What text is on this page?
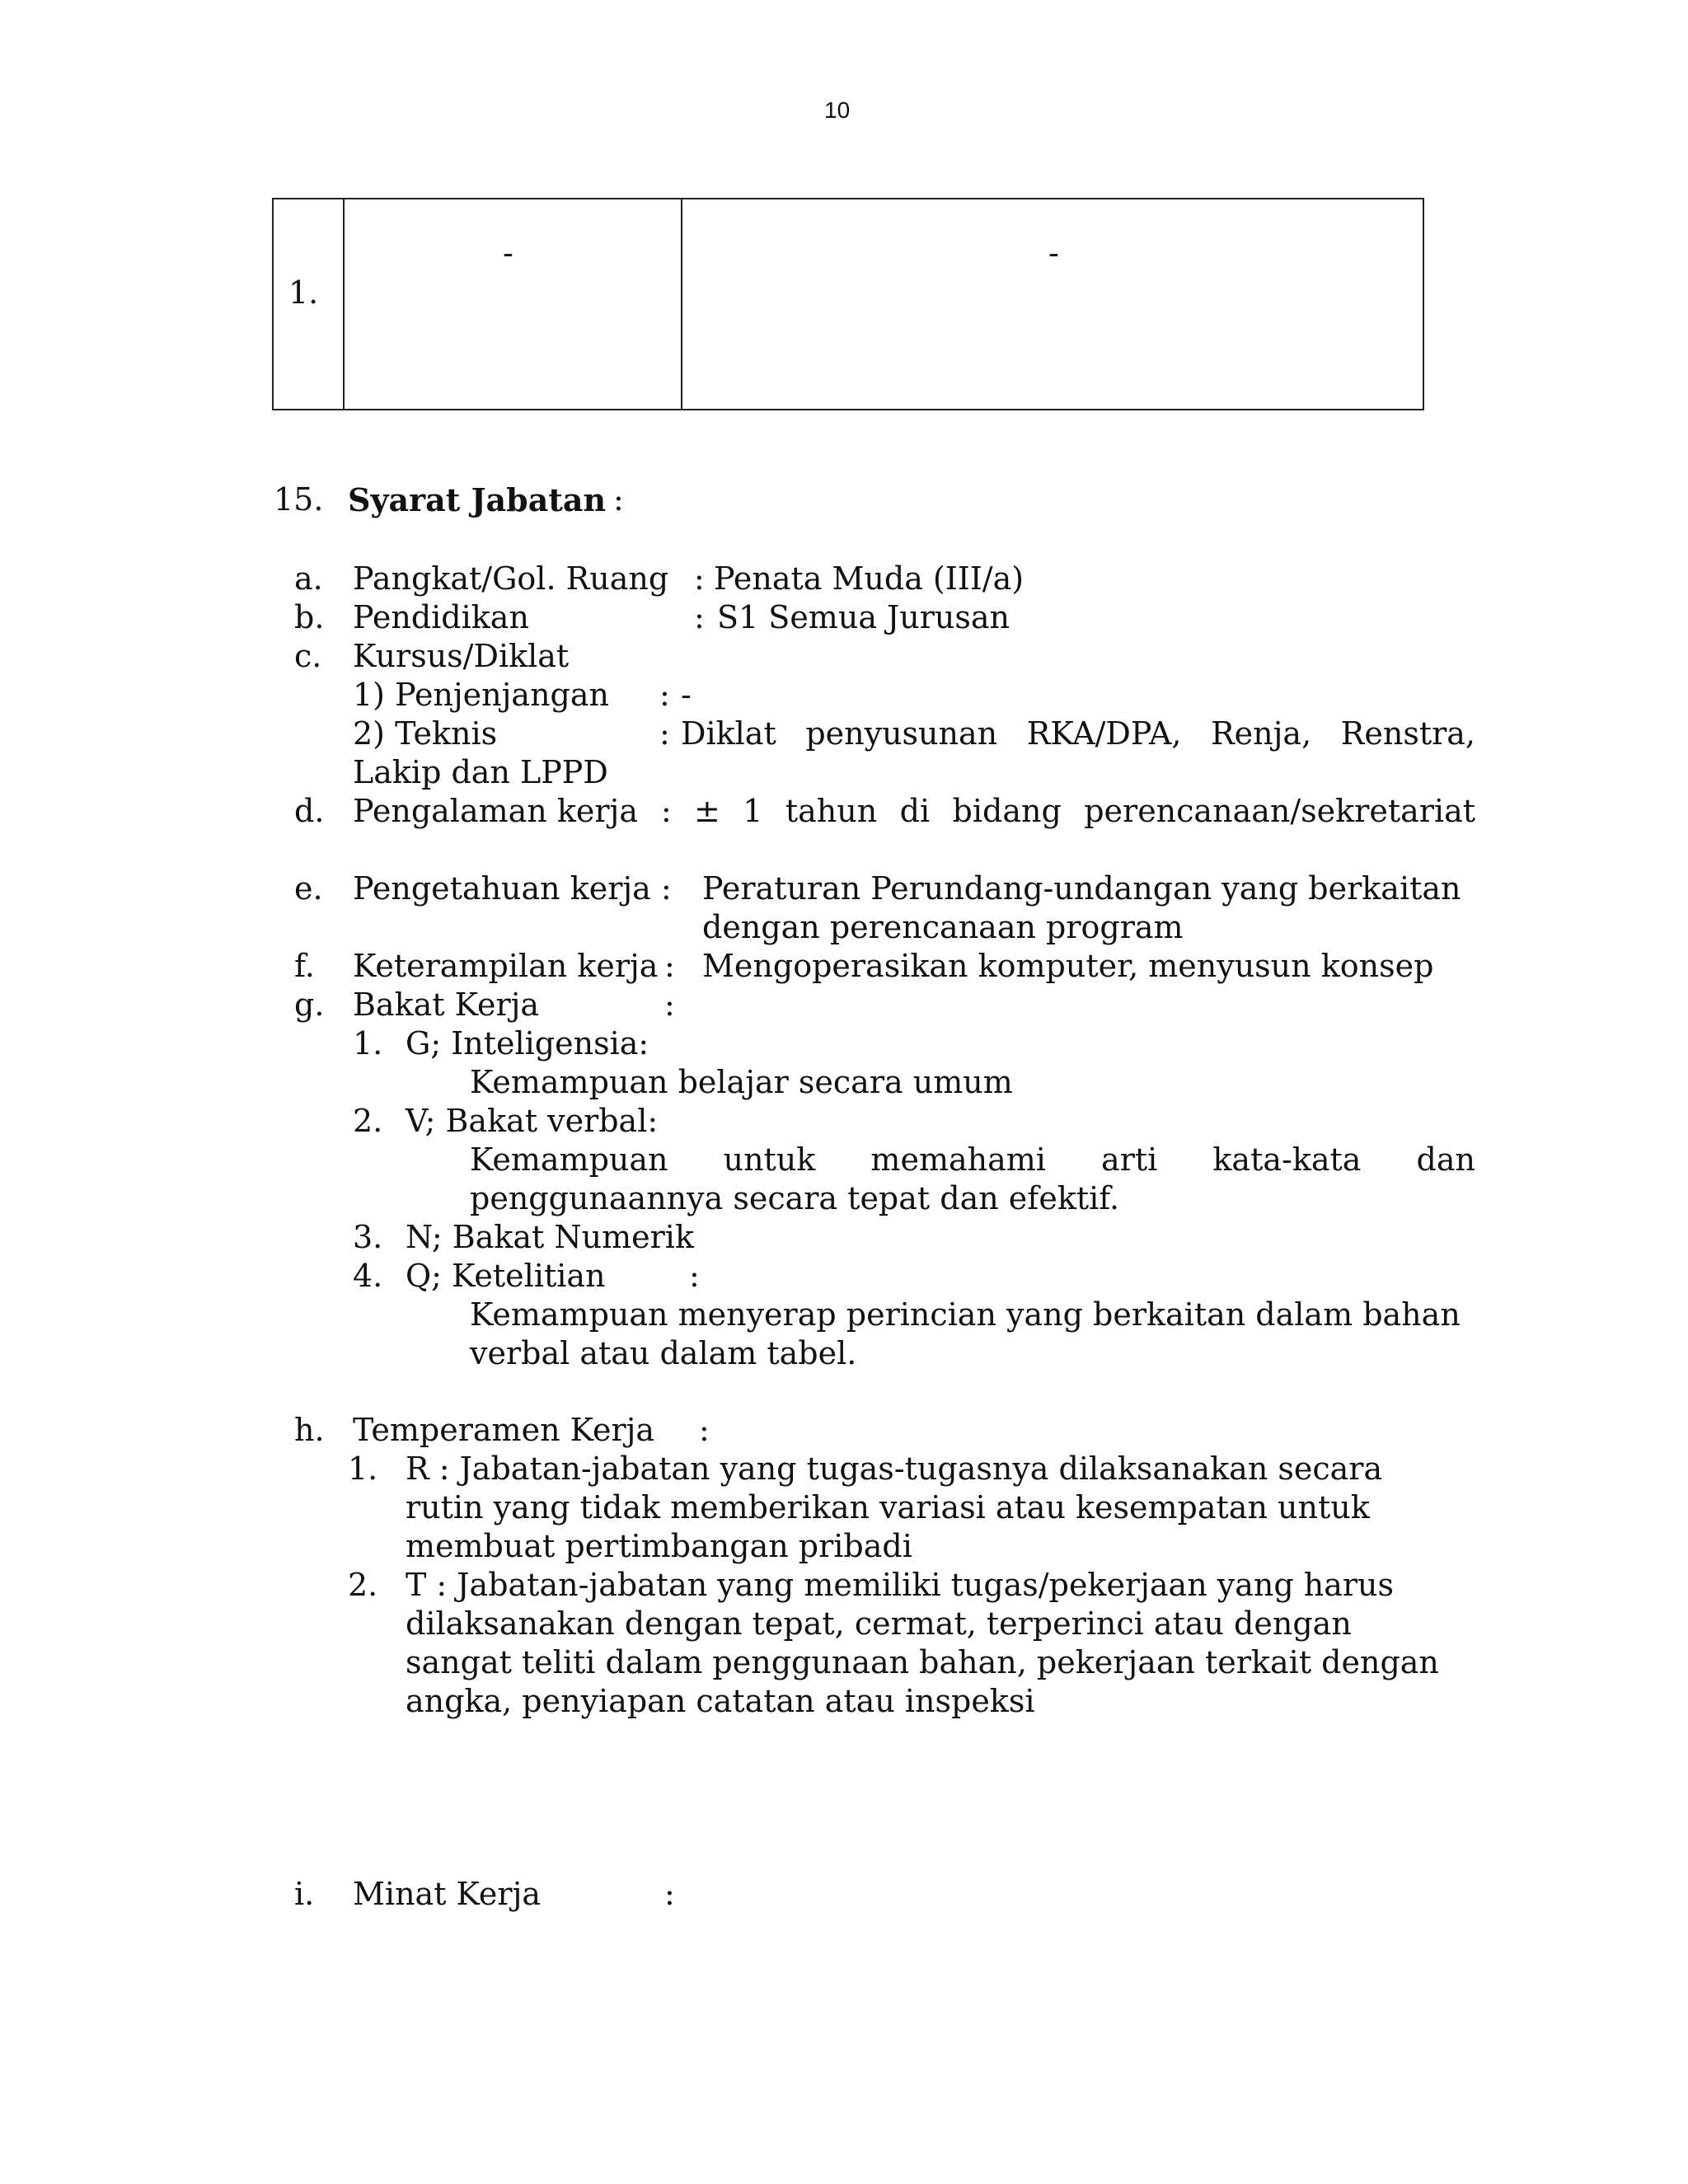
10
1.
-	-
15. Syarat Jabatan :
a. Pangkat/Gol. Ruang : Penata Muda (III/a)
b. Pendidikan	: S1 Semua Jurusan
c. Kursus/Diklat
1) Penjenjangan : -
2) Teknis	: Diklat penyusunan RKA/DPA, Renja, Renstra,
Lakip dan LPPD
d. Pengalaman kerja : ± 1 tahun di bidang perencanaan/sekretariat
e. Pengetahuan kerja : Peraturan Perundang-undangan yang berkaitan
dengan perencanaan program
f. Keterampilan kerja : Mengoperasikan komputer, menyusun konsep
g. Bakat Kerja	:
1. G; Inteligensia:
Kemampuan belajar secara umum
2. V; Bakat verbal:
Kemampuan untuk memahami arti kata-kata dan
penggunaannya secara tepat dan efektif.
3. N; Bakat Numerik
4. Q; Ketelitian	:
Kemampuan menyerap perincian yang berkaitan dalam bahan
verbal atau dalam tabel.
h. Temperamen Kerja :
1. R : Jabatan-jabatan yang tugas-tugasnya dilaksanakan secara
rutin yang tidak memberikan variasi atau kesempatan untuk
membuat pertimbangan pribadi
2. T : Jabatan-jabatan yang memiliki tugas/pekerjaan yang harus
dilaksanakan dengan tepat, cermat, terperinci atau dengan
sangat teliti dalam penggunaan bahan, pekerjaan terkait dengan
angka, penyiapan catatan atau inspeksi
i. Minat Kerja	:
